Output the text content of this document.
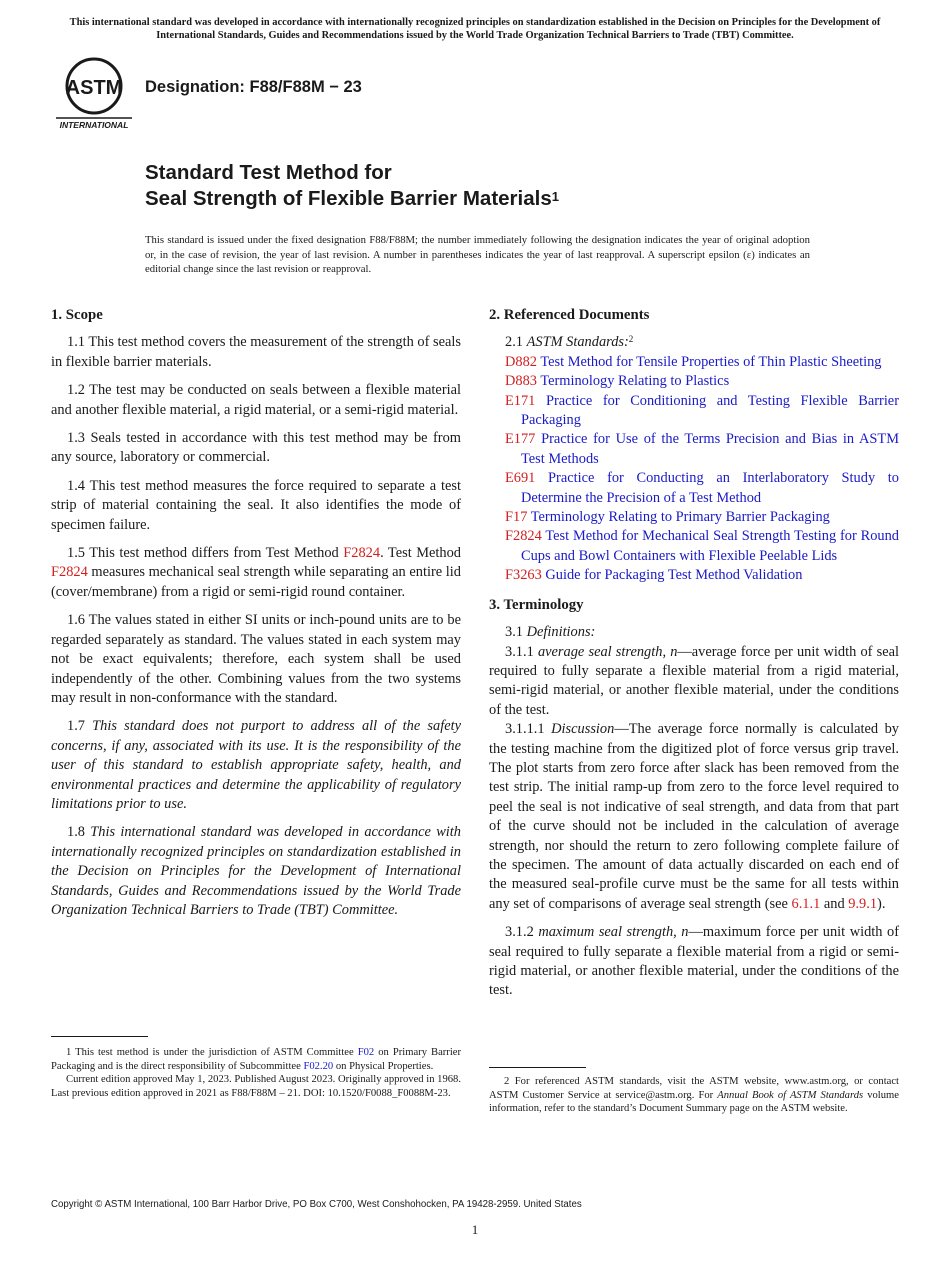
This international standard was developed in accordance with internationally recognized principles on standardization established in the Decision on Principles for the Development of International Standards, Guides and Recommendations issued by the World Trade Organization Technical Barriers to Trade (TBT) Committee.
ASTM
INTERNATIONAL
Designation: F88/F88M − 23
Standard Test Method for
Seal Strength of Flexible Barrier Materials$^1$
This standard is issued under the fixed designation F88/F88M; the number immediately following the designation indicates the year of original adoption or, in the case of revision, the year of last revision. A number in parentheses indicates the year of last reapproval. A superscript epsilon (ε) indicates an editorial change since the last revision or reapproval.
1. Scope

1.1 This test method covers the measurement of the strength of seals in flexible barrier materials.

1.2 The test may be conducted on seals between a flexible material and another flexible material, a rigid material, or a semi-rigid material.

1.3 Seals tested in accordance with this test method may be from any source, laboratory or commercial.

1.4 This test method measures the force required to separate a test strip of material containing the seal. It also identifies the mode of specimen failure.

1.5 This test method differs from Test Method F2824. Test Method F2824 measures mechanical seal strength while separating an entire lid (cover/membrane) from a rigid or semi-rigid round container.

1.6 The values stated in either SI units or inch-pound units are to be regarded separately as standard. The values stated in each system may not be exact equivalents; therefore, each system shall be used independently of the other. Combining values from the two systems may result in non-conformance with the standard.

1.7 This standard does not purport to address all of the safety concerns, if any, associated with its use. It is the responsibility of the user of this standard to establish appropriate safety, health, and environmental practices and determine the applicability of regulatory limitations prior to use.

1.8 This international standard was developed in accordance with internationally recognized principles on standardization established in the Decision on Principles for the Development of International Standards, Guides and Recommendations issued by the World Trade Organization Technical Barriers to Trade (TBT) Committee.

1 This test method is under the jurisdiction of ASTM Committee F02 on Primary Barrier Packaging and is the direct responsibility of Subcommittee F02.20 on Physical Properties.

Current edition approved May 1, 2023. Published August 2023. Originally approved in 1968. Last previous edition approved in 2021 as F88/F88M – 21. DOI: 10.1520/F0088_F0088M-23.

2. Referenced Documents

2.1 ASTM Standards:$^2$

D882 Test Method for Tensile Properties of Thin Plastic Sheeting
D883 Terminology Relating to Plastics
E171 Practice for Conditioning and Testing Flexible Barrier Packaging
E177 Practice for Use of the Terms Precision and Bias in ASTM Test Methods
E691 Practice for Conducting an Interlaboratory Study to Determine the Precision of a Test Method
F17 Terminology Relating to Primary Barrier Packaging
F2824 Test Method for Mechanical Seal Strength Testing for Round Cups and Bowl Containers with Flexible Peelable Lids
F3263 Guide for Packaging Test Method Validation
3. Terminology

3.1 Definitions:

3.1.1 average seal strength, n—average force per unit width of seal required to fully separate a flexible material from a rigid material, semi-rigid material, or another flexible material, under the conditions of the test.

3.1.1.1 Discussion—The average force normally is calculated by the testing machine from the digitized plot of force versus grip travel. The plot starts from zero force after slack has been removed from the test strip. The initial ramp-up from zero to the force level required to peel the seal is not indicative of seal strength, and data from that part of the curve should not be included in the calculation of average strength, nor should the return to zero following complete failure of the specimen. The amount of data actually discarded on each end of the measured seal-profile curve must be the same for all tests within any set of comparisons of average seal strength (see 6.1.1 and 9.9.1).

3.1.2 maximum seal strength, n—maximum force per unit width of seal required to fully separate a flexible material from a rigid or semi-rigid material, or another flexible material, under the conditions of the test.

2 For referenced ASTM standards, visit the ASTM website, www.astm.org, or contact ASTM Customer Service at service@astm.org. For Annual Book of ASTM Standards volume information, refer to the standard’s Document Summary page on the ASTM website.

Copyright © ASTM International, 100 Barr Harbor Drive, PO Box C700, West Conshohocken, PA 19428-2959. United States
1
